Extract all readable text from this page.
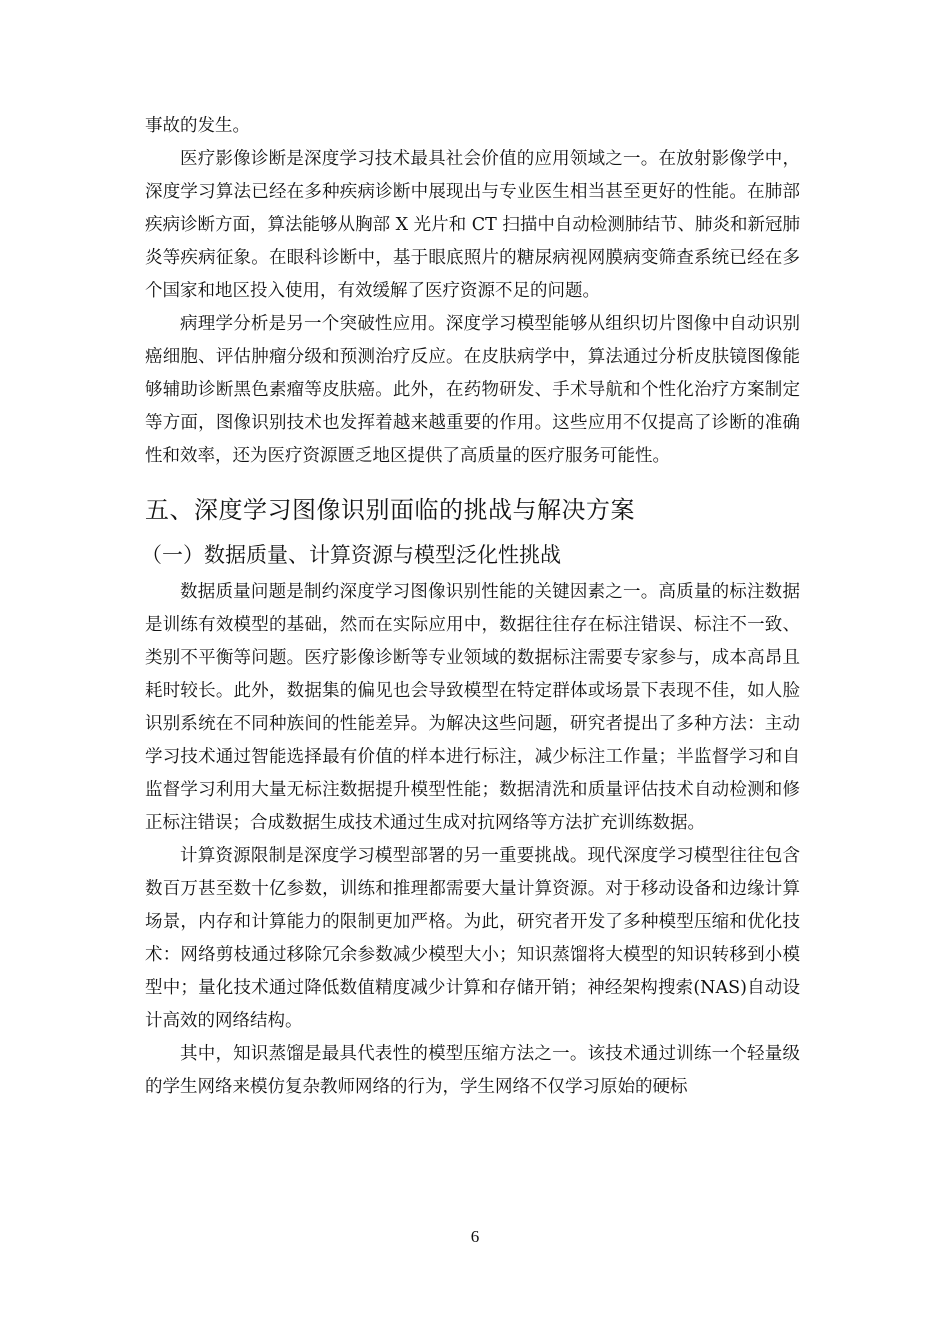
事故的发生。

医疗影像诊断是深度学习技术最具社会价值的应用领域之一。在放射影像学中，深度学习算法已经在多种疾病诊断中展现出与专业医生相当甚至更好的性能。在肺部疾病诊断方面，算法能够从胸部 X 光片和 CT 扫描中自动检测肺结节、肺炎和新冠肺炎等疾病征象。在眼科诊断中，基于眼底照片的糖尿病视网膜病变筛查系统已经在多个国家和地区投入使用，有效缓解了医疗资源不足的问题。

病理学分析是另一个突破性应用。深度学习模型能够从组织切片图像中自动识别癌细胞、评估肿瘤分级和预测治疗反应。在皮肤病学中，算法通过分析皮肤镜图像能够辅助诊断黑色素瘤等皮肤癌。此外，在药物研发、手术导航和个性化治疗方案制定等方面，图像识别技术也发挥着越来越重要的作用。这些应用不仅提高了诊断的准确性和效率，还为医疗资源匮乏地区提供了高质量的医疗服务可能性。

五、深度学习图像识别面临的挑战与解决方案
（一）数据质量、计算资源与模型泛化性挑战

数据质量问题是制约深度学习图像识别性能的关键因素之一。高质量的标注数据是训练有效模型的基础，然而在实际应用中，数据往往存在标注错误、标注不一致、类别不平衡等问题。医疗影像诊断等专业领域的数据标注需要专家参与，成本高昂且耗时较长。此外，数据集的偏见也会导致模型在特定群体或场景下表现不佳，如人脸识别系统在不同种族间的性能差异。为解决这些问题，研究者提出了多种方法：主动学习技术通过智能选择最有价值的样本进行标注，减少标注工作量；半监督学习和自监督学习利用大量无标注数据提升模型性能；数据清洗和质量评估技术自动检测和修正标注错误；合成数据生成技术通过生成对抗网络等方法扩充训练数据。

计算资源限制是深度学习模型部署的另一重要挑战。现代深度学习模型往往包含数百万甚至数十亿参数，训练和推理都需要大量计算资源。对于移动设备和边缘计算场景，内存和计算能力的限制更加严格。为此，研究者开发了多种模型压缩和优化技术：网络剪枝通过移除冗余参数减少模型大小；知识蒸馏将大模型的知识转移到小模型中；量化技术通过降低数值精度减少计算和存储开销；神经架构搜索(NAS)自动设计高效的网络结构。

其中，知识蒸馏是最具代表性的模型压缩方法之一。该技术通过训练一个轻量级的学生网络来模仿复杂教师网络的行为，学生网络不仅学习原始的硬标

6
